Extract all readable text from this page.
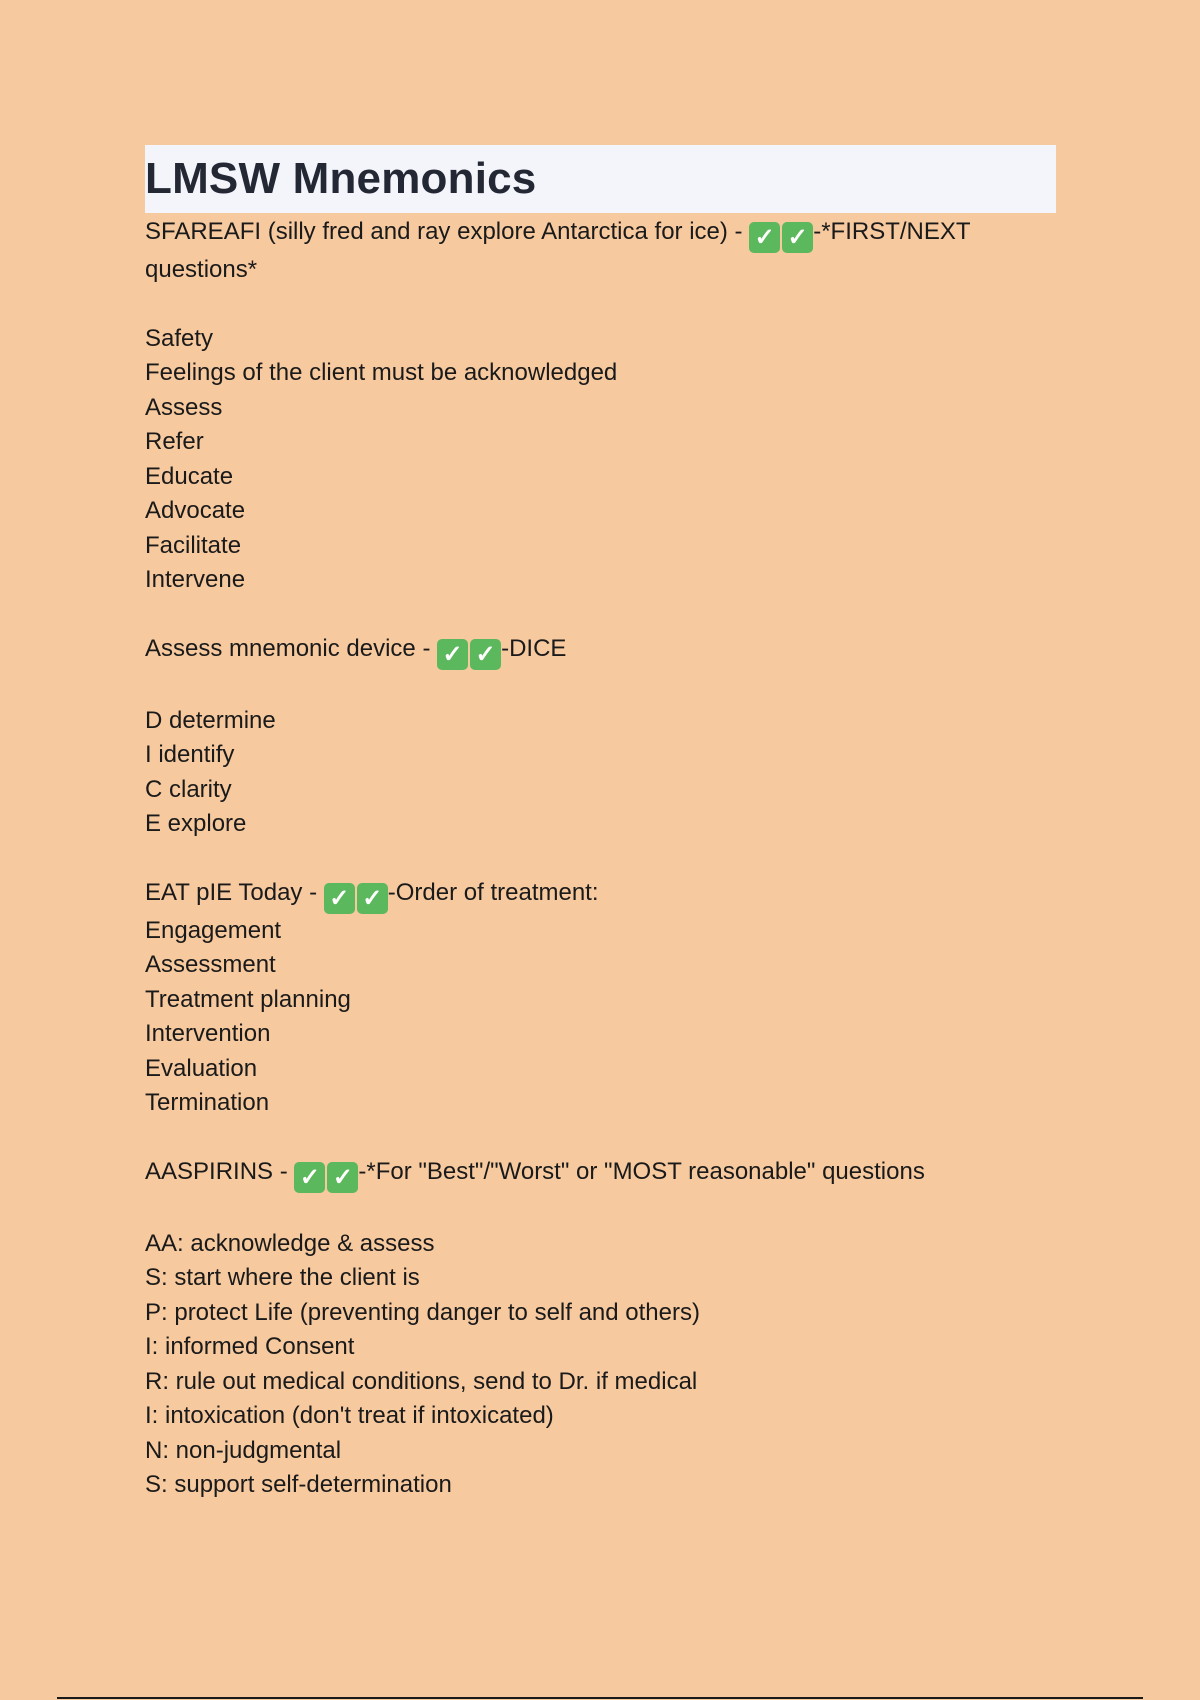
LMSW Mnemonics
SFAREAFI (silly fred and ray explore Antarctica for ice) - ✓ ✓ -*FIRST/NEXT questions*
Safety
Feelings of the client must be acknowledged
Assess
Refer
Educate
Advocate
Facilitate
Intervene
Assess mnemonic device - ✓ ✓ -DICE
D determine
I identify
C clarity
E explore
EAT pIE Today - ✓ ✓ -Order of treatment:
Engagement
Assessment
Treatment planning
Intervention
Evaluation
Termination
AASPIRINS - ✓ ✓ -*For "Best"/"Worst" or "MOST reasonable" questions
AA: acknowledge & assess
S: start where the client is
P: protect Life (preventing danger to self and others)
I: informed Consent
R: rule out medical conditions, send to Dr. if medical
I: intoxication (don't treat if intoxicated)
N: non-judgmental
S: support self-determination
